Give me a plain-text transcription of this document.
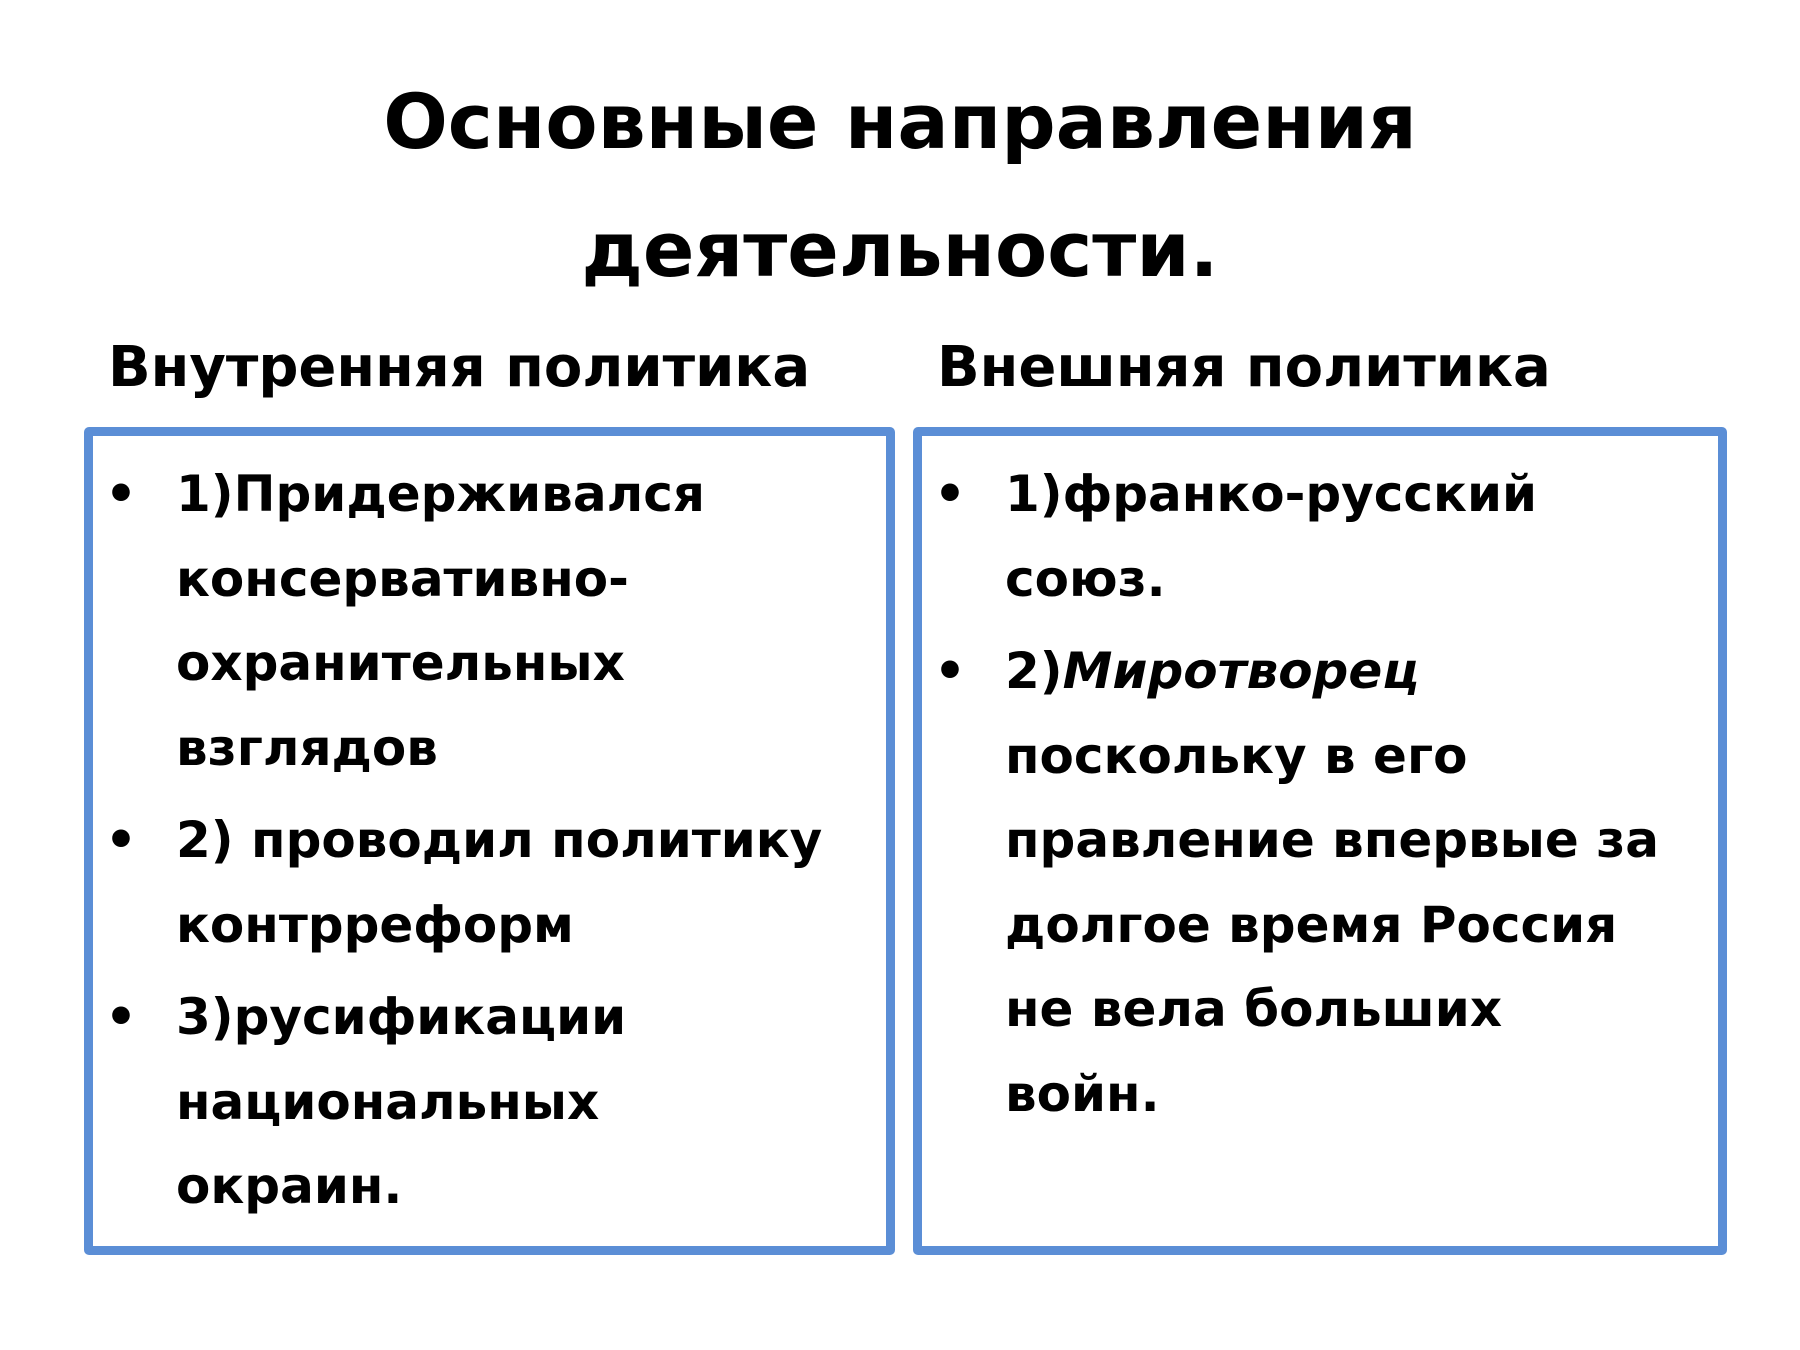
Основные направления
деятельности.
Внутренняя политика Внешняя политика
• 1)Придерживался
консервативно-
охранительных
взглядов
• 2) проводил политику
контрреформ
• 3)русификации
национальных
окраин.
• 1)франко-русский
союз.
• 2)Миротворец
поскольку в его
правление впервые за
долгое время Россия
не вела больших
войн.
